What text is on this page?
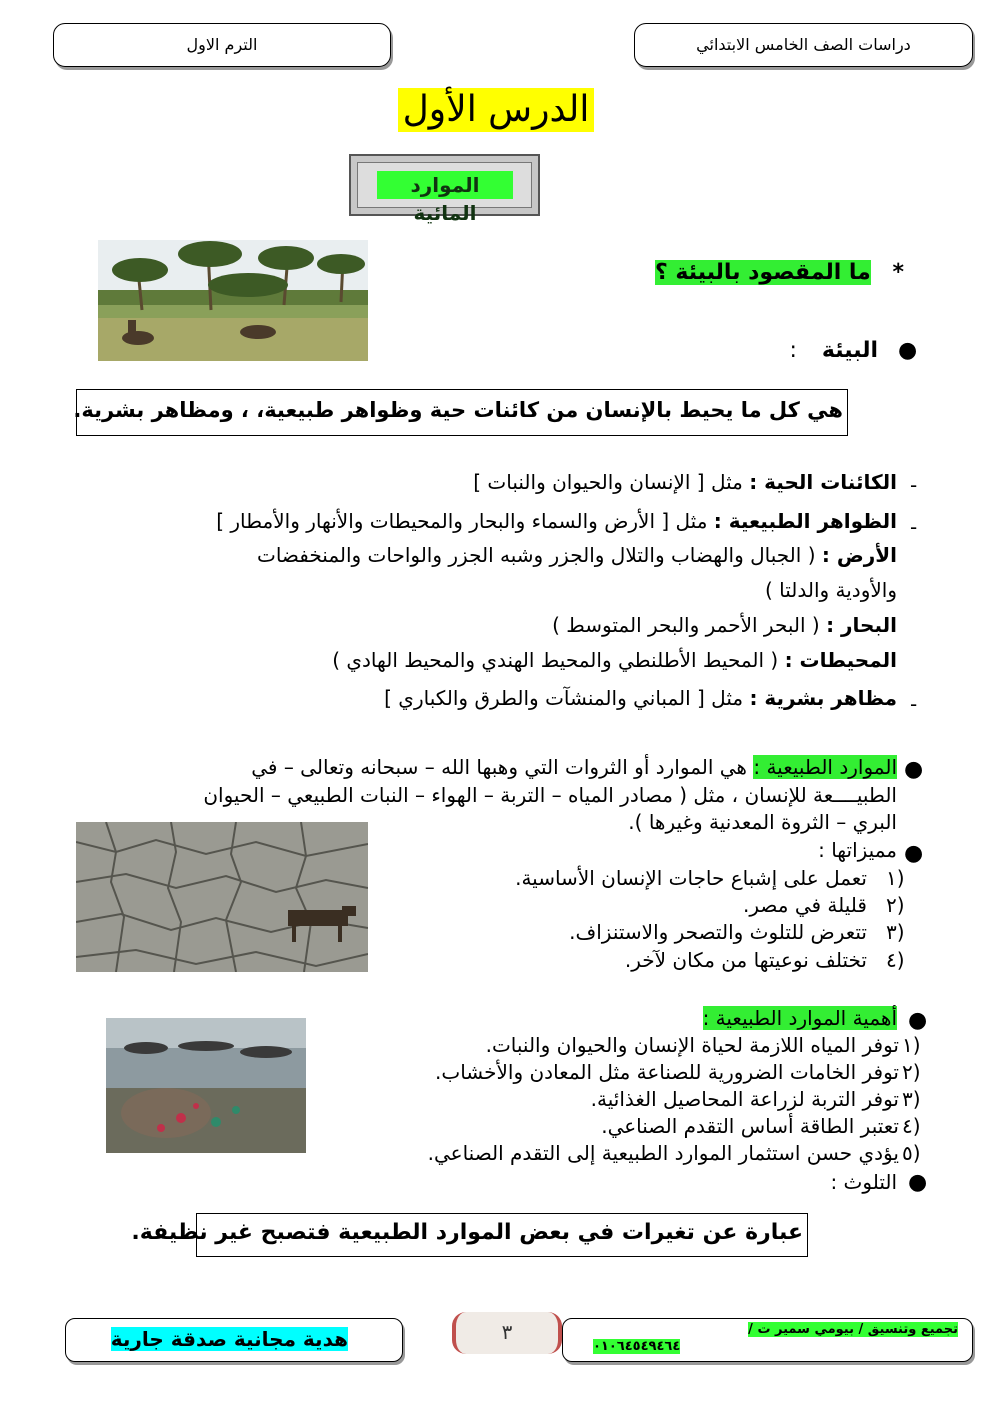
الترم الاول	دراسات الصف الخامس الابتدائي
الدرس الأول
الموارد المائية
* ما المقصود بالبيئة ؟
●
البيئة :
هي كل ما يحيط بالإنسان من كائنات حية وظواهر طبيعية، ، ومظاهر بشرية.
-
الكائنات الحية : مثل [ الإنسان والحيوان والنبات ]
-
الظواهر الطبيعية : مثل [ الأرض والسماء والبحار والمحيطات والأنهار والأمطار ]
الأرض : ( الجبال والهضاب والتلال والجزر وشبه الجزر والواحات والمنخفضات
والأودية والدلتا )
البحار : ( البحر الأحمر والبحر المتوسط )
المحيطات : ( المحيط الأطلنطي والمحيط الهندي والمحيط الهادي )
-
مظاهر بشرية : مثل [ المباني والمنشآت والطرق والكباري ]
●
الموارد الطبيعية : هي الموارد أو الثروات التي وهبها الله – سبحانه وتعالى – في
الطبيــــعة للإنسان ، مثل ( مصادر المياه – التربة – الهواء – النبات الطبيعي – الحيوان
البري – الثروة المعدنية وغيرها ).
●
مميزاتها :
١)
تعمل على إشباع حاجات الإنسان الأساسية.
٢)
قليلة في مصر.
٣)
تتعرض للتلوث والتصحر والاستنزاف.
٤)
تختلف نوعيتها من مكان لآخر.
●
أهمية الموارد الطبيعية :
١)
توفر المياه اللازمة لحياة الإنسان والحيوان والنبات.
٢)
توفر الخامات الضرورية للصناعة مثل المعادن والأخشاب.
٣)
توفر التربة لزراعة المحاصيل الغذائية.
٤)
تعتبر الطاقة أساس التقدم الصناعي.
٥)
يؤدي حسن استثمار الموارد الطبيعية إلى التقدم الصناعي.
●
التلوث :
عبارة عن تغيرات في بعض الموارد الطبيعية فتصبح غير نظيفة.
هدية مجانية صدقة جارية	٣	تجميع وتنسيق / بيومي سمير ت /
٠١٠٦٤٥٤٩٤٦٤
